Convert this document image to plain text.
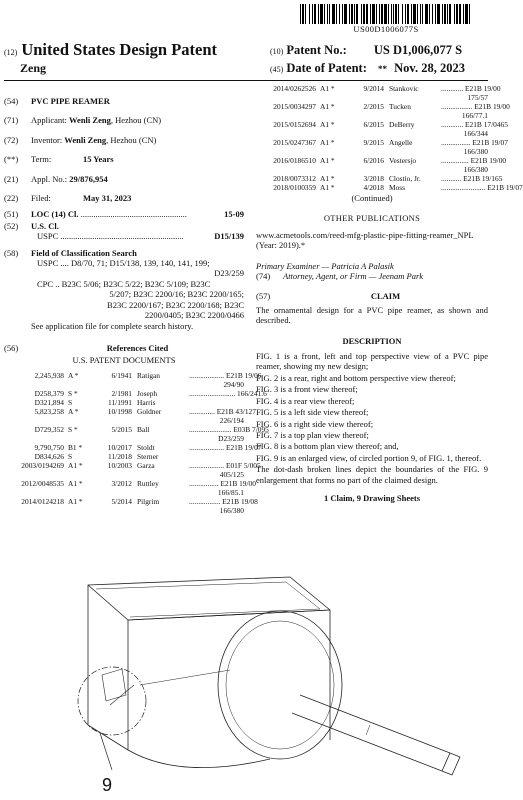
US00D1006077S
(12) United States Design Patent	(10) Patent No.: US D1,006,077 S
Zeng	(45) Date of Patent: ** Nov. 28, 2023
(54)	PVC PIPE REAMER
(71)	Applicant: Wenli Zeng, Hezhou (CN)
(72)	Inventor: Wenli Zeng, Hezhou (CN)
(**)	Term:	15 Years
(21)	Appl. No.: 29/876,954
(22)	Filed:	May 31, 2023
(51)	LOC (14) Cl. ..................................................	15-09
(52)	U.S. Cl.
USPC ..........................................................	D15/139
(58)	Field of Classification Search
USPC .... D8/70, 71; D15/138, 139, 140, 141, 199;
D23/259
CPC .. B23C 5/06; B23C 5/22; B23C 5/109; B23C
5/207; B23C 2200/16; B23C 2200/165;
B23C 2200/167; B23C 2200/168; B23C
2200/0405; B23C 2200/0466
See application file for complete search history.
(56)	References Cited
U.S. PATENT DOCUMENTS
2,245,938 A *	6/1941 Ratigan	................... E21B 19/06
294/90
D258,379 S *	2/1981 Joseph	......................... 166/241.6
D321,894 S	11/1991 Harris
5,823,258 A *	10/1998 Goldner	.............. E21B 43/127
226/194
D729,352 S *	5/2015 Ball	....................... E03B 7/095
D23/259
9,790,750 B1 *	10/2017 Stoldt	................... E21B 19/07
D834,626 S	11/2018 Sterner
2003/0194269 A1 *	10/2003 Garza	................... E01F 5/005
405/125
2012/0048535 A1 *	3/2012 Ruttley	................ E21B 19/00
166/85.1
2014/0124218 A1 *	5/2014 Pilgrim	................. E21B 19/08
166/380
2014/0262526 A1 *	9/2014 Stankovic	............ E21B 19/00
175/57
2015/0034297 A1 *	2/2015 Tucken	................. E21B 19/00
166/77.1
2015/0152694 A1 *	6/2015 DeBerry	............ E21B 17/0465
166/344
2015/0247367 A1 *	9/2015 Angelle	................ E21B 19/07
166/380
2016/0186510 A1 *	6/2016 Vestersjo	............... E21B 19/00
166/380
2018/0073312 A1 *	3/2018 Clostio, Jr.	........... E21B 19/165
2018/0100359 A1 *	4/2018 Moss	........................ E21B 19/07
(Continued)
OTHER PUBLICATIONS
www.acmetools.com/reed-mfg-plastic-pipe-fitting-reamer_NPL (Year: 2019).*
Primary Examiner — Patricia A Palasik
(74)	Attorney, Agent, or Firm — Jeenam Park
(57)	CLAIM
The ornamental design for a PVC pipe reamer, as shown and described.
DESCRIPTION
FIG. 1 is a front, left and top perspective view of a PVC pipe reamer, showing my new design;
FIG. 2 is a rear, right and bottom perspective view thereof;
FIG. 3 is a front view thereof;
FIG. 4 is a rear view thereof;
FIG. 5 is a left side view thereof;
FIG. 6 is a right side view thereof;
FIG. 7 is a top plan view thereof;
FIG. 8 is a bottom plan view thereof; and,
FIG. 9 is an enlarged view, of circled portion 9, of FIG. 1, thereof.
The dot-dash broken lines depict the boundaries of the FIG. 9 enlargement that forms no part of the claimed design.
1 Claim, 9 Drawing Sheets
9
